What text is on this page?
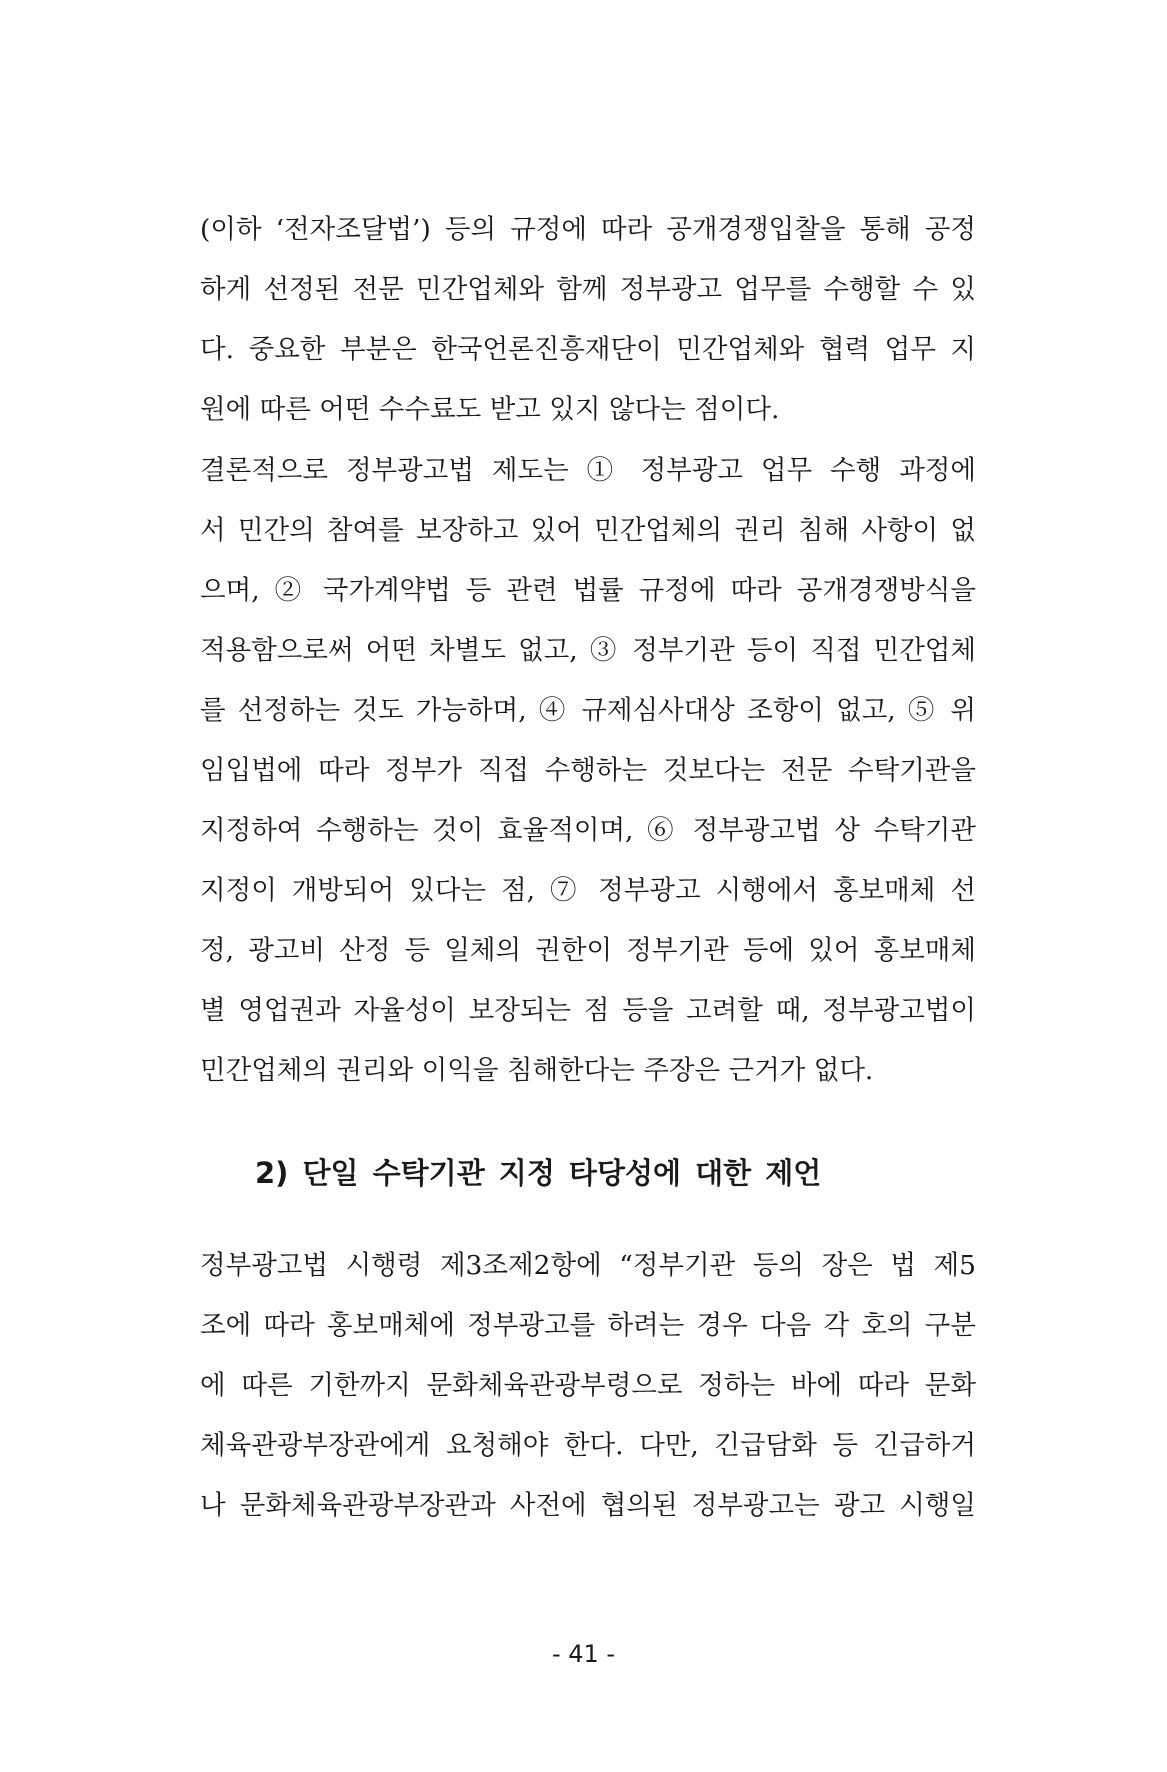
(이하 ‘전자조달법’) 등의 규정에 따라 공개경쟁입찰을 통해 공정
하게 선정된 전문 민간업체와 함께 정부광고 업무를 수행할 수 있
다. 중요한 부분은 한국언론진흥재단이 민간업체와 협력 업무 지
원에 따른 어떤 수수료도 받고 있지 않다는 점이다.
결론적으로 정부광고법 제도는 ① 정부광고 업무 수행 과정에
서 민간의 참여를 보장하고 있어 민간업체의 권리 침해 사항이 없
으며, ② 국가계약법 등 관련 법률 규정에 따라 공개경쟁방식을
적용함으로써 어떤 차별도 없고, ③ 정부기관 등이 직접 민간업체
를 선정하는 것도 가능하며, ④ 규제심사대상 조항이 없고, ⑤ 위
임입법에 따라 정부가 직접 수행하는 것보다는 전문 수탁기관을
지정하여 수행하는 것이 효율적이며, ⑥ 정부광고법 상 수탁기관
지정이 개방되어 있다는 점, ⑦ 정부광고 시행에서 홍보매체 선
정, 광고비 산정 등 일체의 권한이 정부기관 등에 있어 홍보매체
별 영업권과 자율성이 보장되는 점 등을 고려할 때, 정부광고법이
민간업체의 권리와 이익을 침해한다는 주장은 근거가 없다.
2) 단일 수탁기관 지정 타당성에 대한 제언
정부광고법 시행령 제3조제2항에 “정부기관 등의 장은 법 제5
조에 따라 홍보매체에 정부광고를 하려는 경우 다음 각 호의 구분
에 따른 기한까지 문화체육관광부령으로 정하는 바에 따라 문화
체육관광부장관에게 요청해야 한다. 다만, 긴급담화 등 긴급하거
나 문화체육관광부장관과 사전에 협의된 정부광고는 광고 시행일
- 41 -
